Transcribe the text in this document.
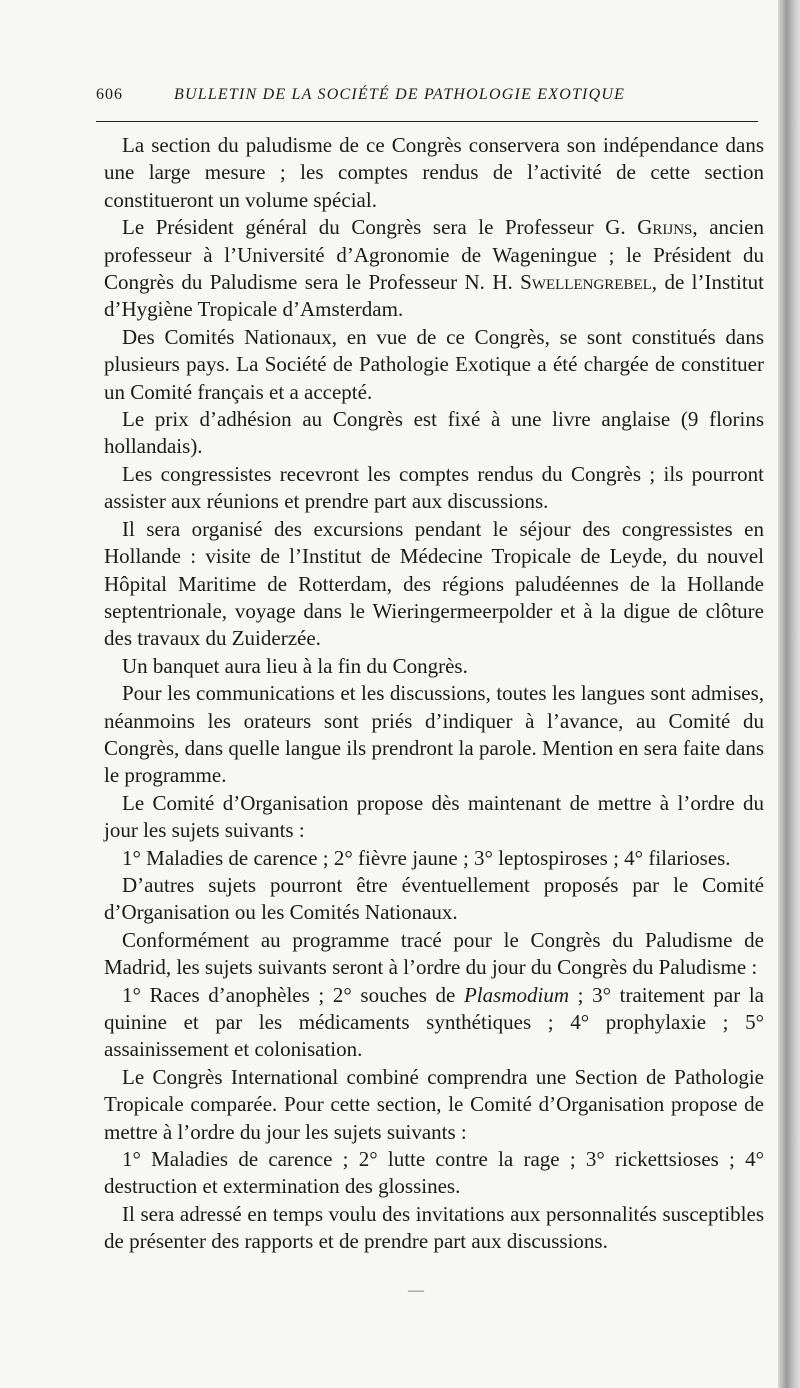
606	BULLETIN DE LA SOCIÉTÉ DE PATHOLOGIE EXOTIQUE

La section du paludisme de ce Congrès conservera son indépendance dans une large mesure ; les comptes rendus de l’activité de cette section constitueront un volume spécial.

Le Président général du Congrès sera le Professeur G. Grijns, ancien professeur à l’Université d’Agronomie de Wageningue ; le Président du Congrès du Paludisme sera le Professeur N. H. Swellengrebel, de l’Institut d’Hygiène Tropicale d’Amsterdam.

Des Comités Nationaux, en vue de ce Congrès, se sont constitués dans plusieurs pays. La Société de Pathologie Exotique a été chargée de constituer un Comité français et a accepté.

Le prix d’adhésion au Congrès est fixé à une livre anglaise (9 florins hollandais).

Les congressistes recevront les comptes rendus du Congrès ; ils pourront assister aux réunions et prendre part aux discussions.

Il sera organisé des excursions pendant le séjour des congressistes en Hollande : visite de l’Institut de Médecine Tropicale de Leyde, du nouvel Hôpital Maritime de Rotterdam, des régions paludéennes de la Hollande septentrionale, voyage dans le Wieringermeerpolder et à la digue de clôture des travaux du Zuiderzée.

Un banquet aura lieu à la fin du Congrès.

Pour les communications et les discussions, toutes les langues sont admises, néanmoins les orateurs sont priés d’indiquer à l’avance, au Comité du Congrès, dans quelle langue ils prendront la parole. Mention en sera faite dans le programme.

Le Comité d’Organisation propose dès maintenant de mettre à l’ordre du jour les sujets suivants :

1° Maladies de carence ; 2° fièvre jaune ; 3° leptospiroses ; 4° filarioses.

D’autres sujets pourront être éventuellement proposés par le Comité d’Organisation ou les Comités Nationaux.

Conformément au programme tracé pour le Congrès du Paludisme de Madrid, les sujets suivants seront à l’ordre du jour du Congrès du Paludisme :

1° Races d’anophèles ; 2° souches de Plasmodium ; 3° traitement par la quinine et par les médicaments synthétiques ; 4° prophylaxie ; 5° assainissement et colonisation.

Le Congrès International combiné comprendra une Section de Pathologie Tropicale comparée. Pour cette section, le Comité d’Organisation propose de mettre à l’ordre du jour les sujets suivants :

1° Maladies de carence ; 2° lutte contre la rage ; 3° rickettsioses ; 4° destruction et extermination des glossines.

Il sera adressé en temps voulu des invitations aux personnalités susceptibles de présenter des rapports et de prendre part aux discussions.

—
